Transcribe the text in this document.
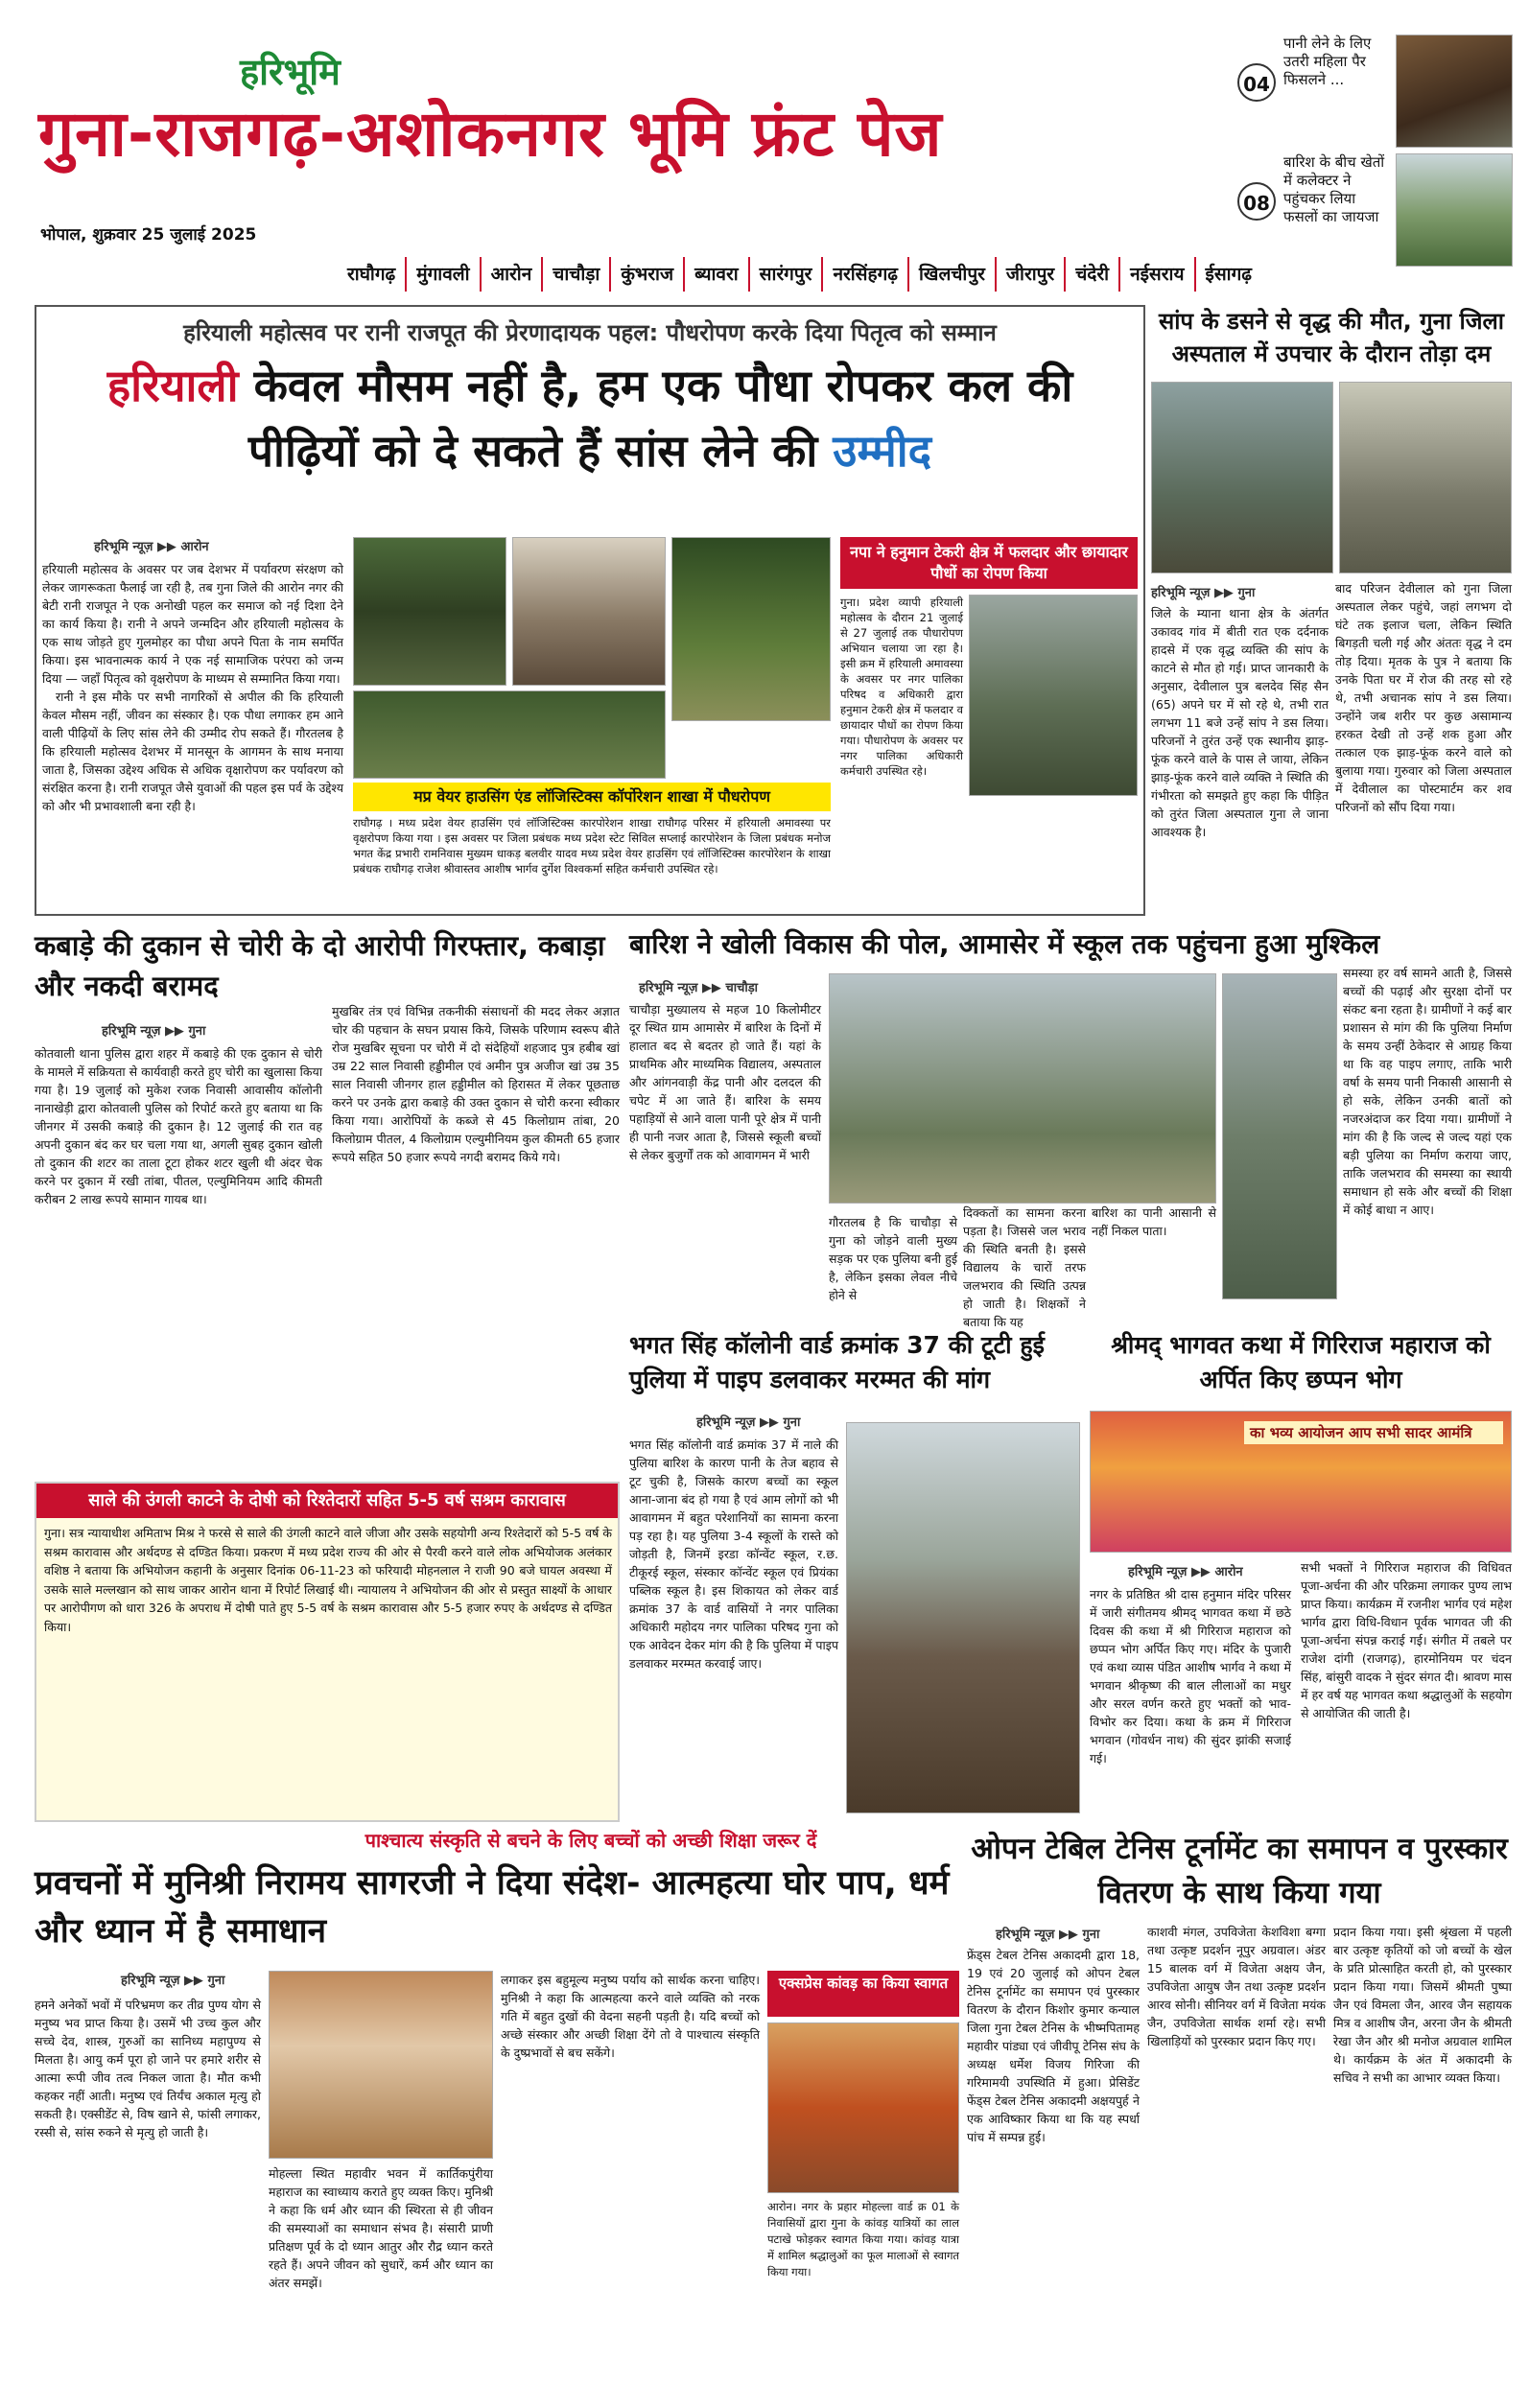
हरिभूमि
गुना-राजगढ़-अशोकनगर भूमि फ्रंट पेज
भोपाल, शुक्रवार 25 जुलाई 2025
राघौगढ़ मुंगावली आरोन चाचौड़ा कुंभराज ब्यावरा सारंगपुर नरसिंहगढ़ खिलचीपुर जीरापुर चंदेरी नईसराय ईसागढ़
04
पानी लेने के लिए उतरी महिला पैर फिसलने ...
08
बारिश के बीच खेतों में कलेक्टर ने पहुंचकर लिया फसलों का जायजा
हरियाली महोत्सव पर रानी राजपूत की प्रेरणादायक पहल: पौधरोपण करके दिया पितृत्व को सम्मान
हरियाली केवल मौसम नहीं है, हम एक पौधा रोपकर कल की पीढ़ियों को दे सकते हैं सांस लेने की उम्मीद
हरिभूमि न्यूज़ ▶▶ आरोन
हरियाली महोत्सव के अवसर पर जब देशभर में पर्यावरण संरक्षण को लेकर जागरूकता फैलाई जा रही है, तब गुना जिले की आरोन नगर की बेटी रानी राजपूत ने एक अनोखी पहल कर समाज को नई दिशा देने का कार्य किया है। रानी ने अपने जन्मदिन और हरियाली महोत्सव के एक साथ जोड़ते हुए गुलमोहर का पौधा अपने पिता के नाम समर्पित किया। इस भावनात्मक कार्य ने एक नई सामाजिक परंपरा को जन्म दिया — जहाँ पितृत्व को वृक्षरोपण के माध्यम से सम्मानित किया गया।
रानी ने इस मौके पर सभी नागरिकों से अपील की कि हरियाली केवल मौसम नहीं, जीवन का संस्कार है। एक पौधा लगाकर हम आने वाली पीढ़ियों के लिए सांस लेने की उम्मीद रोप सकते हैं। गौरतलब है कि हरियाली महोत्सव देशभर में मानसून के आगमन के साथ मनाया जाता है, जिसका उद्देश्य अधिक से अधिक वृक्षारोपण कर पर्यावरण को संरक्षित करना है। रानी राजपूत जैसे युवाओं की पहल इस पर्व के उद्देश्य को और भी प्रभावशाली बना रही है।
मप्र वेयर हाउसिंग एंड लॉजिस्टिक्स कॉर्पोरेशन शाखा में पौधरोपण
राघौगढ़ । मध्य प्रदेश वेयर हाउसिंग एवं लॉजिस्टिक्स कारपोरेशन शाखा राघौगढ़ परिसर में हरियाली अमावस्या पर वृक्षरोपण किया गया । इस अवसर पर जिला प्रबंधक मध्य प्रदेश स्टेट सिविल सप्लाई कारपोरेशन के जिला प्रबंधक मनोज भगत केंद्र प्रभारी रामनिवास मुख्यम धाकड़ बलवीर यादव मध्य प्रदेश वेयर हाउसिंग एवं लॉजिस्टिक्स कारपोरेशन के शाखा प्रबंधक राघौगढ़ राजेश श्रीवास्तव आशीष भार्गव दुर्गेश विश्वकर्मा सहित कर्मचारी उपस्थित रहे।
नपा ने हनुमान टेकरी क्षेत्र में फलदार और छायादार पौधों का रोपण किया
गुना। प्रदेश व्यापी हरियाली महोत्सव के दौरान 21 जुलाई से 27 जुलाई तक पौधारोपण अभियान चलाया जा रहा है। इसी क्रम में हरियाली अमावस्या के अवसर पर नगर पालिका परिषद व अधिकारी द्वारा हनुमान टेकरी क्षेत्र में फलदार व छायादार पौधों का रोपण किया गया। पौधारोपण के अवसर पर नगर पालिका अधिकारी कर्मचारी उपस्थित रहे।
सांप के डसने से वृद्ध की मौत, गुना जिला अस्पताल में उपचार के दौरान तोड़ा दम
हरिभूमि न्यूज़ ▶▶ गुना
जिले के म्याना थाना क्षेत्र के अंतर्गत उकावद गांव में बीती रात एक दर्दनाक हादसे में एक वृद्ध व्यक्ति की सांप के काटने से मौत हो गई। प्राप्त जानकारी के अनुसार, देवीलाल पुत्र बलदेव सिंह सैन (65) अपने घर में सो रहे थे, तभी रात लगभग 11 बजे उन्हें सांप ने डस लिया। परिजनों ने तुरंत उन्हें एक स्थानीय झाड़-फूंक करने वाले के पास ले जाया, लेकिन झाड़-फूंक करने वाले व्यक्ति ने स्थिति की गंभीरता को समझते हुए कहा कि पीड़ित को तुरंत जिला अस्पताल गुना ले जाना आवश्यक है।
बाद परिजन देवीलाल को गुना जिला अस्पताल लेकर पहुंचे, जहां लगभग दो घंटे तक इलाज चला, लेकिन स्थिति बिगड़ती चली गई और अंततः वृद्ध ने दम तोड़ दिया। मृतक के पुत्र ने बताया कि उनके पिता घर में रोज की तरह सो रहे थे, तभी अचानक सांप ने डस लिया। उन्होंने जब शरीर पर कुछ असामान्य हरकत देखी तो उन्हें शक हुआ और तत्काल एक झाड़-फूंक करने वाले को बुलाया गया। गुरुवार को जिला अस्पताल में देवीलाल का पोस्टमार्टम कर शव परिजनों को सौंप दिया गया।
कबाड़े की दुकान से चोरी के दो आरोपी गिरफ्तार, कबाड़ा और नकदी बरामद
हरिभूमि न्यूज़ ▶▶ गुना
कोतवाली थाना पुलिस द्वारा शहर में कबाड़े की एक दुकान से चोरी के मामले में सक्रियता से कार्यवाही करते हुए चोरी का खुलासा किया गया है। 19 जुलाई को मुकेश रजक निवासी आवासीय कॉलोनी नानाखेड़ी द्वारा कोतवाली पुलिस को रिपोर्ट करते हुए बताया था कि जीनगर में उसकी कबाड़े की दुकान है। 12 जुलाई की रात वह अपनी दुकान बंद कर घर चला गया था, अगली सुबह दुकान खोली तो दुकान की शटर का ताला टूटा होकर शटर खुली थी अंदर चेक करने पर दुकान में रखी तांबा, पीतल, एल्युमिनियम आदि कीमती करीबन 2 लाख रूपये सामान गायब था।
मुखबिर तंत्र एवं विभिन्न तकनीकी संसाधनों की मदद लेकर अज्ञात चोर की पहचान के सघन प्रयास किये, जिसके परिणाम स्वरूप बीते रोज मुखबिर सूचना पर चोरी में दो संदेहियों शहजाद पुत्र हबीब खां उम्र 22 साल निवासी हड्डीमील एवं अमीन पुत्र अजीज खां उम्र 35 साल निवासी जीनगर हाल हड्डीमील को हिरासत में लेकर पूछताछ करने पर उनके द्वारा कबाड़े की उक्त दुकान से चोरी करना स्वीकार किया गया। आरोपियों के कब्जे से 45 किलोग्राम तांबा, 20 किलोग्राम पीतल, 4 किलोग्राम एल्युमीनियम कुल कीमती 65 हजार रूपये सहित 50 हजार रूपये नगदी बरामद किये गये।
साले की उंगली काटने के दोषी को रिश्तेदारों सहित 5-5 वर्ष सश्रम कारावास
गुना। सत्र न्यायाधीश अमिताभ मिश्र ने फरसे से साले की उंगली काटने वाले जीजा और उसके सहयोगी अन्य रिश्तेदारों को 5-5 वर्ष के सश्रम कारावास और अर्थदण्ड से दण्डित किया। प्रकरण में मध्य प्रदेश राज्य की ओर से पैरवी करने वाले लोक अभियोजक अलंकार वशिष्ठ ने बताया कि अभियोजन कहानी के अनुसार दिनांक 06-11-23 को फरियादी मोहनलाल ने राजी 90 बजे घायल अवस्था में उसके साले मल्लखान को साथ जाकर आरोन थाना में रिपोर्ट लिखाई थी। न्यायालय ने अभियोजन की ओर से प्रस्तुत साक्ष्यों के आधार पर आरोपीगण को धारा 326 के अपराध में दोषी पाते हुए 5-5 वर्ष के सश्रम कारावास और 5-5 हजार रुपए के अर्थदण्ड से दण्डित किया।
बारिश ने खोली विकास की पोल, आमासेर में स्कूल तक पहुंचना हुआ मुश्किल
हरिभूमि न्यूज़ ▶▶ चाचौड़ा
चाचौड़ा मुख्यालय से महज 10 किलोमीटर दूर स्थित ग्राम आमासेर में बारिश के दिनों में हालात बद से बदतर हो जाते हैं। यहां के प्राथमिक और माध्यमिक विद्यालय, अस्पताल और आंगनवाड़ी केंद्र पानी और दलदल की चपेट में आ जाते हैं। बारिश के समय पहाड़ियों से आने वाला पानी पूरे क्षेत्र में पानी ही पानी नजर आता है, जिससे स्कूली बच्चों से लेकर बुजुर्गों तक को आवागमन में भारी
गौरतलब है कि चाचौड़ा से गुना को जोड़ने वाली मुख्य सड़क पर एक पुलिया बनी हुई है, लेकिन इसका लेवल नीचे होने से
दिक्कतों का सामना करना पड़ता है। जिससे जल भराव की स्थिति बनती है। इससे विद्यालय के चारों तरफ जलभराव की स्थिति उत्पन्न हो जाती है। शिक्षकों ने बताया कि यह
बारिश का पानी आसानी से नहीं निकल पाता।
समस्या हर वर्ष सामने आती है, जिससे बच्चों की पढ़ाई और सुरक्षा दोनों पर संकट बना रहता है। ग्रामीणों ने कई बार प्रशासन से मांग की कि पुलिया निर्माण के समय उन्हीं ठेकेदार से आग्रह किया था कि वह पाइप लगाए, ताकि भारी वर्षा के समय पानी निकासी आसानी से हो सके, लेकिन उनकी बातों को नजरअंदाज कर दिया गया। ग्रामीणों ने मांग की है कि जल्द से जल्द यहां एक बड़ी पुलिया का निर्माण कराया जाए, ताकि जलभराव की समस्या का स्थायी समाधान हो सके और बच्चों की शिक्षा में कोई बाधा न आए।
भगत सिंह कॉलोनी वार्ड क्रमांक 37 की टूटी हुई पुलिया में पाइप डलवाकर मरम्मत की मांग
हरिभूमि न्यूज़ ▶▶ गुना
भगत सिंह कॉलोनी वार्ड क्रमांक 37 में नाले की पुलिया बारिश के कारण पानी के तेज बहाव से टूट चुकी है, जिसके कारण बच्चों का स्कूल आना-जाना बंद हो गया है एवं आम लोगों को भी आवागमन में बहुत परेशानियों का सामना करना पड़ रहा है। यह पुलिया 3-4 स्कूलों के रास्ते को जोड़ती है, जिनमें इरडा कॉन्वेंट स्कूल, र.छ. टीकूरई स्कूल, संस्कार कॉन्वेंट स्कूल एवं प्रियंका पब्लिक स्कूल है। इस शिकायत को लेकर वार्ड क्रमांक 37 के वार्ड वासियों ने नगर पालिका अधिकारी महोदय नगर पालिका परिषद गुना को एक आवेदन देकर मांग की है कि पुलिया में पाइप डलवाकर मरम्मत करवाई जाए।
श्रीमद् भागवत कथा में गिरिराज महाराज को अर्पित किए छप्पन भोग
का भव्य आयोजन आप सभी सादर आमंत्रि
हरिभूमि न्यूज़ ▶▶ आरोन
नगर के प्रतिष्ठित श्री दास हनुमान मंदिर परिसर में जारी संगीतमय श्रीमद् भागवत कथा में छठे दिवस की कथा में श्री गिरिराज महाराज को छप्पन भोग अर्पित किए गए। मंदिर के पुजारी एवं कथा व्यास पंडित आशीष भार्गव ने कथा में भगवान श्रीकृष्ण की बाल लीलाओं का मधुर और सरल वर्णन करते हुए भक्तों को भाव-विभोर कर दिया। कथा के क्रम में गिरिराज भगवान (गोवर्धन नाथ) की सुंदर झांकी सजाई गई।
सभी भक्तों ने गिरिराज महाराज की विधिवत पूजा-अर्चना की और परिक्रमा लगाकर पुण्य लाभ प्राप्त किया। कार्यक्रम में रजनीश भार्गव एवं महेश भार्गव द्वारा विधि-विधान पूर्वक भागवत जी की पूजा-अर्चना संपन्न कराई गई। संगीत में तबले पर राजेश दांगी (राजगढ़), हारमोनियम पर चंदन सिंह, बांसुरी वादक ने सुंदर संगत दी। श्रावण मास में हर वर्ष यह भागवत कथा श्रद्धालुओं के सहयोग से आयोजित की जाती है।
पाश्चात्य संस्कृति से बचने के लिए बच्चों को अच्छी शिक्षा जरूर दें
प्रवचनों में मुनिश्री निरामय सागरजी ने दिया संदेश- आत्महत्या घोर पाप, धर्म और ध्यान में है समाधान
हरिभूमि न्यूज़ ▶▶ गुना
हमने अनेकों भवों में परिभ्रमण कर तीव्र पुण्य योग से मनुष्य भव प्राप्त किया है। उसमें भी उच्च कुल और सच्चे देव, शास्त्र, गुरुओं का सानिध्य महापुण्य से मिलता है। आयु कर्म पूरा हो जाने पर हमारे शरीर से आत्मा रूपी जीव तत्व निकल जाता है। मौत कभी कहकर नहीं आती। मनुष्य एवं तिर्यंच अकाल मृत्यु हो सकती है। एक्सीडेंट से, विष खाने से, फांसी लगाकर, रस्सी से, सांस रुकने से मृत्यु हो जाती है।
मोहल्ला स्थित महावीर भवन में कार्तिकपुंरीया महाराज का स्वाध्याय कराते हुए व्यक्त किए। मुनिश्री ने कहा कि धर्म और ध्यान की स्थिरता से ही जीवन की समस्याओं का समाधान संभव है। संसारी प्राणी प्रतिक्षण पूर्व के दो ध्यान आतुर और रौद्र ध्यान करते रहते हैं। अपने जीवन को सुधारें, कर्म और ध्यान का अंतर समझें।
लगाकर इस बहुमूल्य मनुष्य पर्याय को सार्थक करना चाहिए। मुनिश्री ने कहा कि आत्महत्या करने वाले व्यक्ति को नरक गति में बहुत दुखों की वेदना सहनी पड़ती है। यदि बच्चों को अच्छे संस्कार और अच्छी शिक्षा देंगे तो वे पाश्चात्य संस्कृति के दुष्प्रभावों से बच सकेंगे।
एक्सप्रेस कांवड़ का किया स्वागत
आरोन। नगर के प्रहार मोहल्ला वार्ड क्र 01 के निवासियों द्वारा गुना के कांवड़ यात्रियों का लाल पटाखे फोड़कर स्वागत किया गया। कांवड़ यात्रा में शामिल श्रद्धालुओं का फूल मालाओं से स्वागत किया गया।
ओपन टेबिल टेनिस टूर्नामेंट का समापन व पुरस्कार वितरण के साथ किया गया
हरिभूमि न्यूज़ ▶▶ गुना
फ्रेंड्स टेबल टेनिस अकादमी द्वारा 18, 19 एवं 20 जुलाई को ओपन टेबल टेनिस टूर्नामेंट का समापन एवं पुरस्कार वितरण के दौरान किशोर कुमार कन्याल जिला गुना टेबल टेनिस के भीष्मपितामह महावीर पांड्या एवं जीवीपू टेनिस संघ के अध्यक्ष धर्मेश विजय गिरिजा की गरिमामयी उपस्थिति में हुआ। प्रेसिडेंट फेंड्स टेबल टेनिस अकादमी अक्षयपुर्ह ने एक आविष्कार किया था कि यह स्पर्धा पांच में सम्पन्न हुई।
काशवी मंगल, उपविजेता केशविशा बग्गा तथा उत्कृष्ट प्रदर्शन नूपुर अग्रवाल। अंडर 15 बालक वर्ग में विजेता अक्षय जैन, उपविजेता आयुष जैन तथा उत्कृष्ट प्रदर्शन आरव सोनी। सीनियर वर्ग में विजेता मयंक जैन, उपविजेता सार्थक शर्मा रहे। सभी खिलाड़ियों को पुरस्कार प्रदान किए गए।
प्रदान किया गया। इसी श्रृंखला में पहली बार उत्कृष्ट कृतियों को जो बच्चों के खेल के प्रति प्रोत्साहित करती हो, को पुरस्कार प्रदान किया गया। जिसमें श्रीमती पुष्पा जैन एवं विमला जैन, आरव जैन सहायक मित्र व आशीष जैन, अरना जैन के श्रीमती रेखा जैन और श्री मनोज अग्रवाल शामिल थे। कार्यक्रम के अंत में अकादमी के सचिव ने सभी का आभार व्यक्त किया।
